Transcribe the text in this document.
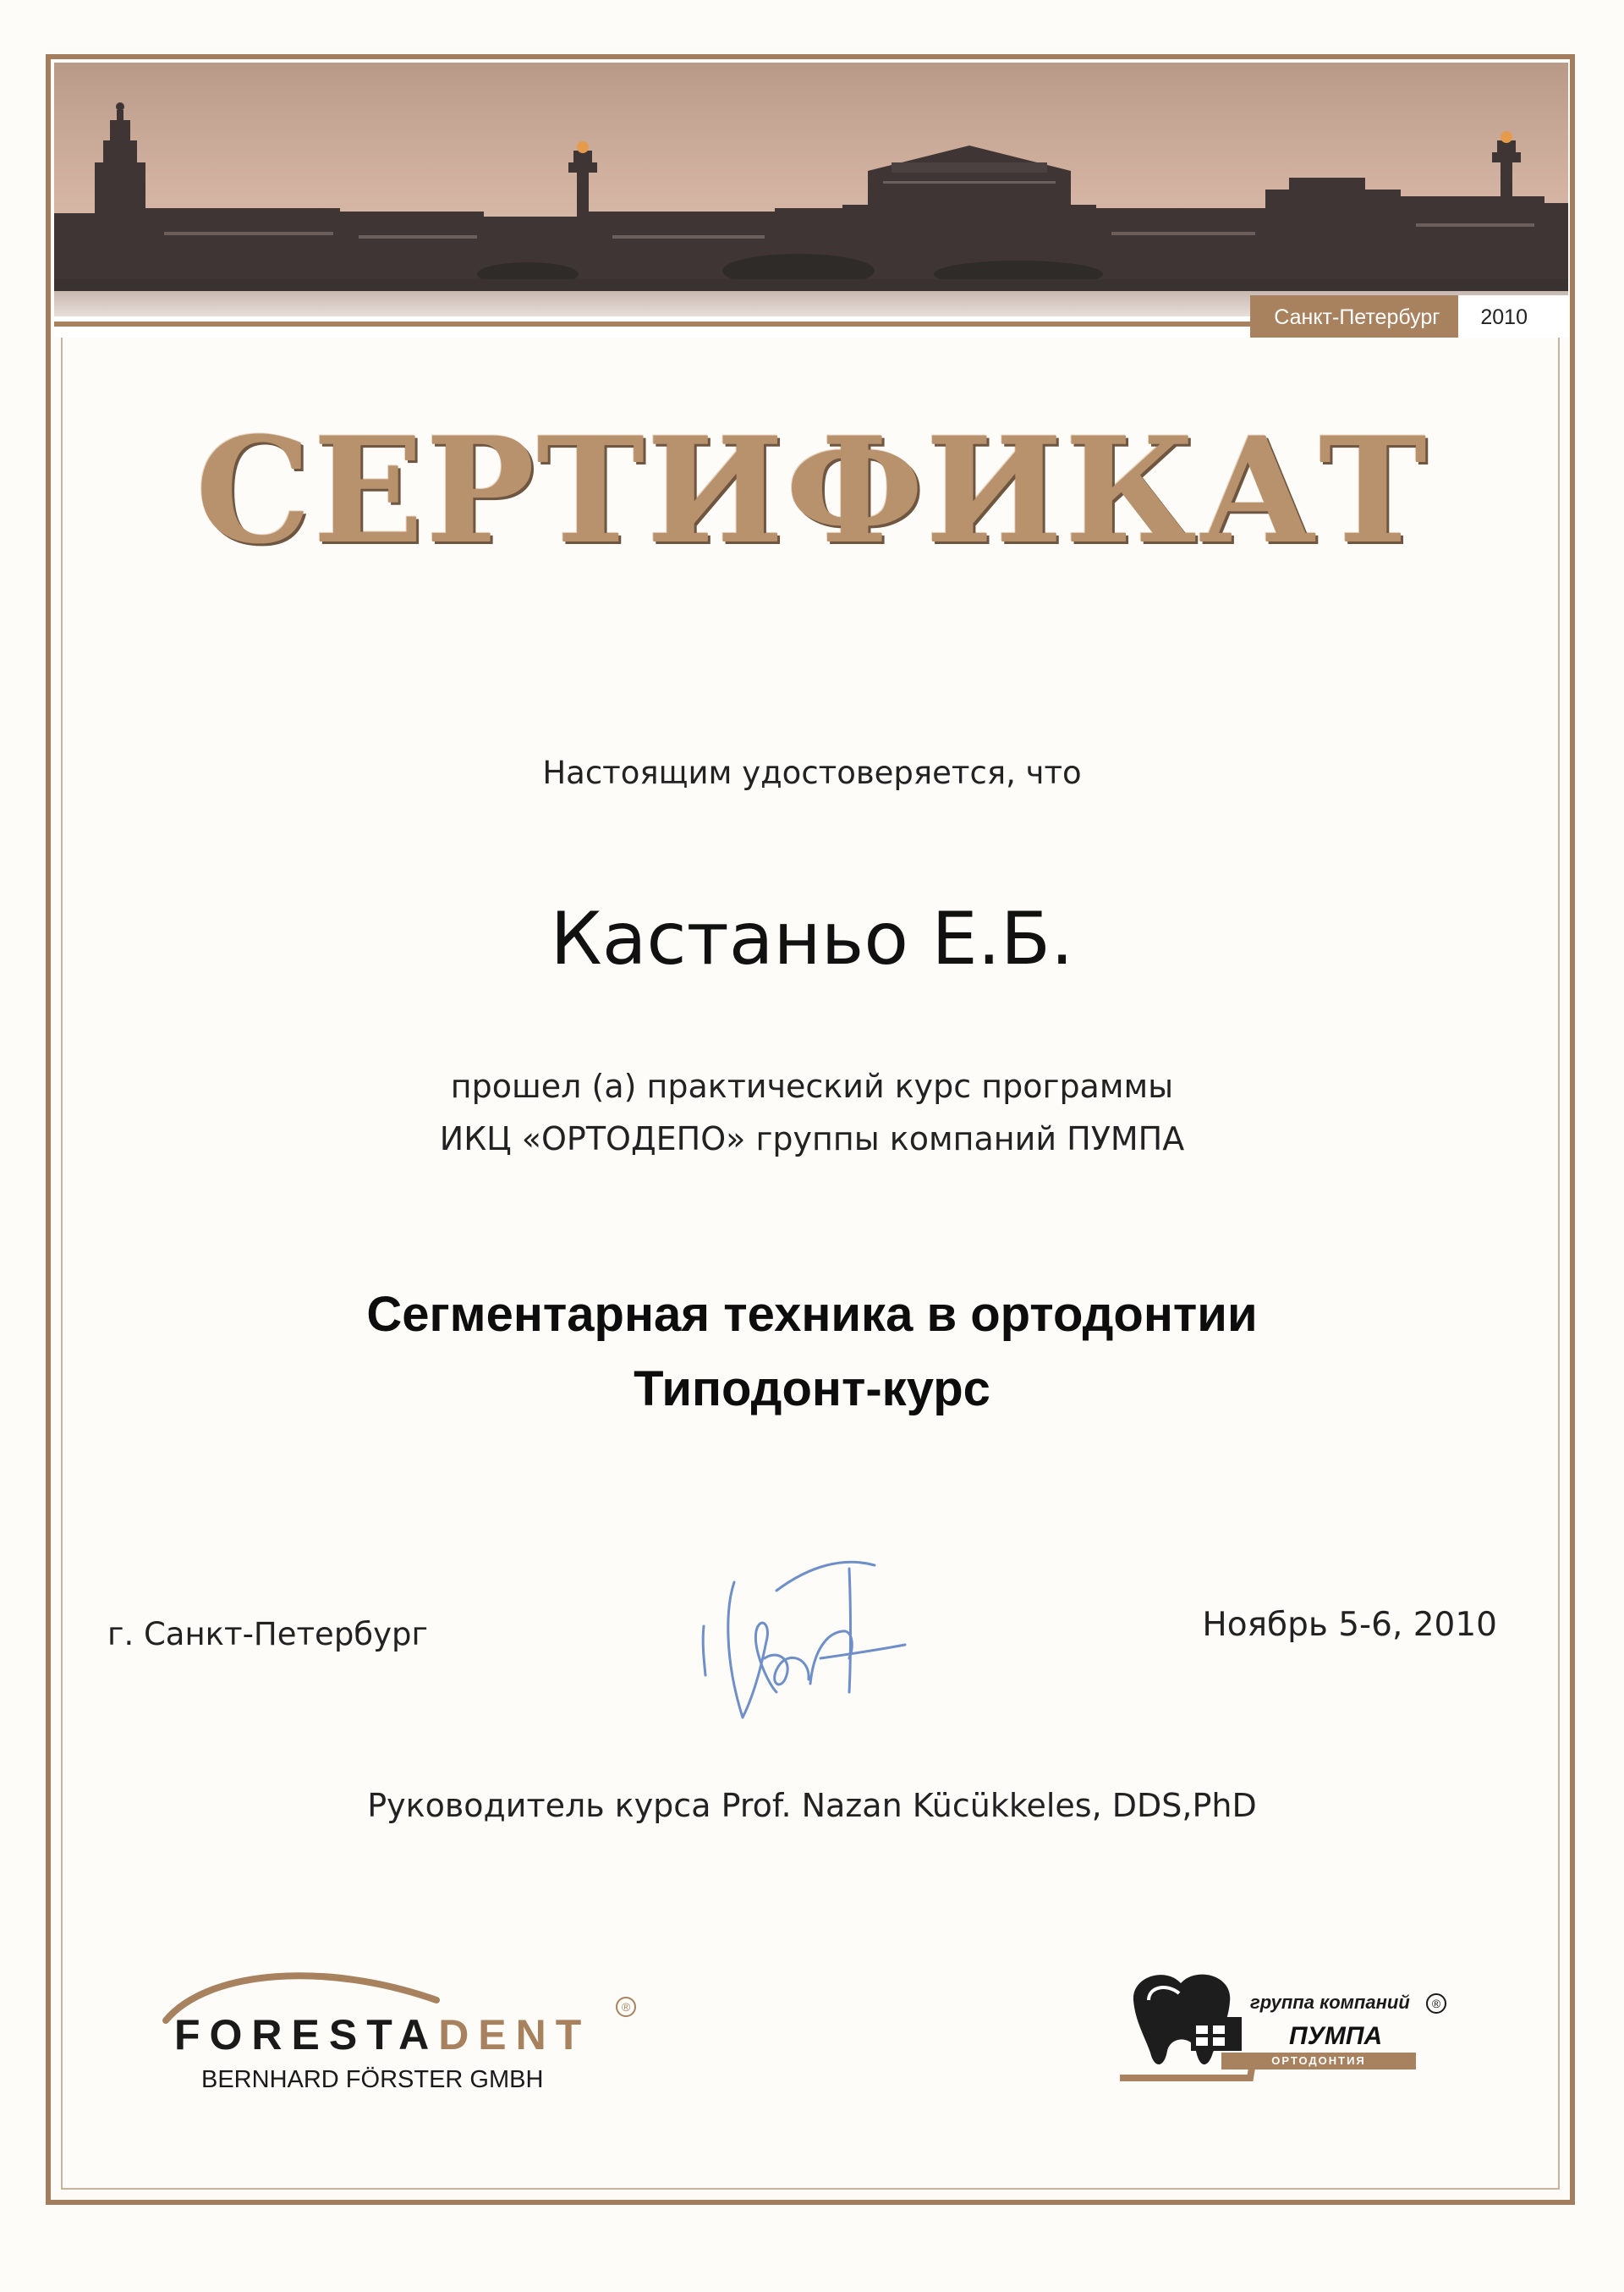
Санкт-Петербург	2010
СЕРТИФИКАТ
Настоящим удостоверяется, что
Кастаньо Е.Б.
прошел (а) практический курс программы
ИКЦ «ОРТОДЕПО» группы компаний ПУМПА
Сегментарная техника в ортодонтии
Типодонт-курс
г. Санкт-Петербург	Ноябрь 5-6, 2010
Руководитель курса Prof. Nazan Kücükkeles, DDS,PhD
FORESTADENT
®
BERNHARD FÖRSTER GMBH
группа компаний	®
ПУМПА
ОРТОДОНТИЯ
